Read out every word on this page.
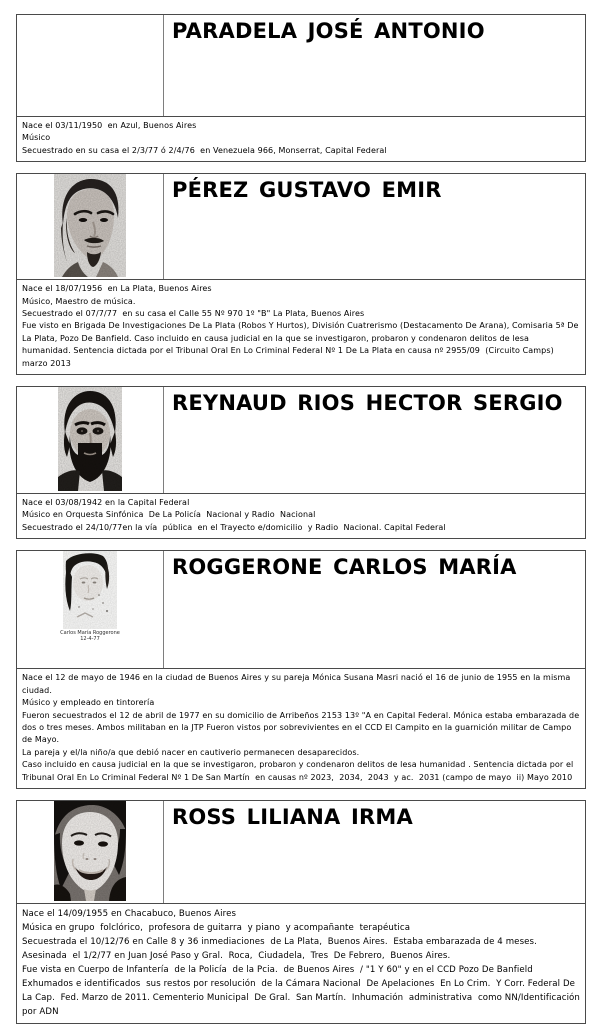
PARADELA JOSÉ ANTONIO
Nace el 03/11/1950  en Azul, Buenos Aires
Músico
Secuestrado en su casa el 2/3/77 ó 2/4/76  en Venezuela 966, Monserrat, Capital Federal
PÉREZ GUSTAVO EMIR
Nace el 18/07/1956  en La Plata, Buenos Aires
Músico, Maestro de música.
Secuestrado el 07/7/77  en su casa el Calle 55 Nº 970 1º "B" La Plata, Buenos Aires
Fue visto en Brigada De Investigaciones De La Plata (Robos Y Hurtos), División Cuatrerismo (Destacamento De Arana), Comisaria 5ª De La Plata, Pozo De Banfield. Caso incluido en causa judicial en la que se investigaron, probaron y condenaron delitos de lesa humanidad. Sentencia dictada por el Tribunal Oral En Lo Criminal Federal Nº 1 De La Plata en causa nº 2955/09  (Circuito Camps) marzo 2013
REYNAUD RIOS HECTOR SERGIO
Nace el 03/08/1942 en la Capital Federal
Músico en Orquesta Sinfónica  De La Policía  Nacional y Radio  Nacional
Secuestrado el 24/10/77en la vía  pública  en el Trayecto e/domicilio  y Radio  Nacional. Capital Federal
Carlos María Roggerone
12-4-77
ROGGERONE CARLOS MARÍA
Nace el 12 de mayo de 1946 en la ciudad de Buenos Aires y su pareja Mónica Susana Masri nació el 16 de junio de 1955 en la misma ciudad.
Músico y empleado en tintorería
Fueron secuestrados el 12 de abril de 1977 en su domicilio de Arribeños 2153 13º "A en Capital Federal. Mónica estaba embarazada de dos o tres meses. Ambos militaban en la JTP Fueron vistos por sobrevivientes en el CCD El Campito en la guarnición militar de Campo de Mayo.
La pareja y el/la niño/a que debió nacer en cautiverio permanecen desaparecidos.
Caso incluido en causa judicial en la que se investigaron, probaron y condenaron delitos de lesa humanidad . Sentencia dictada por el Tribunal Oral En Lo Criminal Federal Nº 1 De San Martín  en causas nº 2023,  2034,  2043  y ac.  2031 (campo de mayo  ii) Mayo 2010
ROSS LILIANA IRMA
Nace el 14/09/1955 en Chacabuco, Buenos Aires
Música en grupo  folclórico,  profesora de guitarra  y piano  y acompañante  terapéutica
Secuestrada el 10/12/76 en Calle 8 y 36 inmediaciones  de La Plata,  Buenos Aires.  Estaba embarazada de 4 meses.
Asesinada  el 1/2/77 en Juan José Paso y Gral.  Roca,  Ciudadela,  Tres  De Febrero,  Buenos Aires.
Fue vista en Cuerpo de Infantería  de la Policía  de la Pcia.  de Buenos Aires  / "1 Y 60" y en el CCD Pozo De Banfield
Exhumados e identificados  sus restos por resolución  de la Cámara Nacional  De Apelaciones  En Lo Crim.  Y Corr. Federal De La Cap.  Fed. Marzo de 2011. Cementerio Municipal  De Gral.  San Martín.  Inhumación  administrativa  como NN/Identificación  por ADN
